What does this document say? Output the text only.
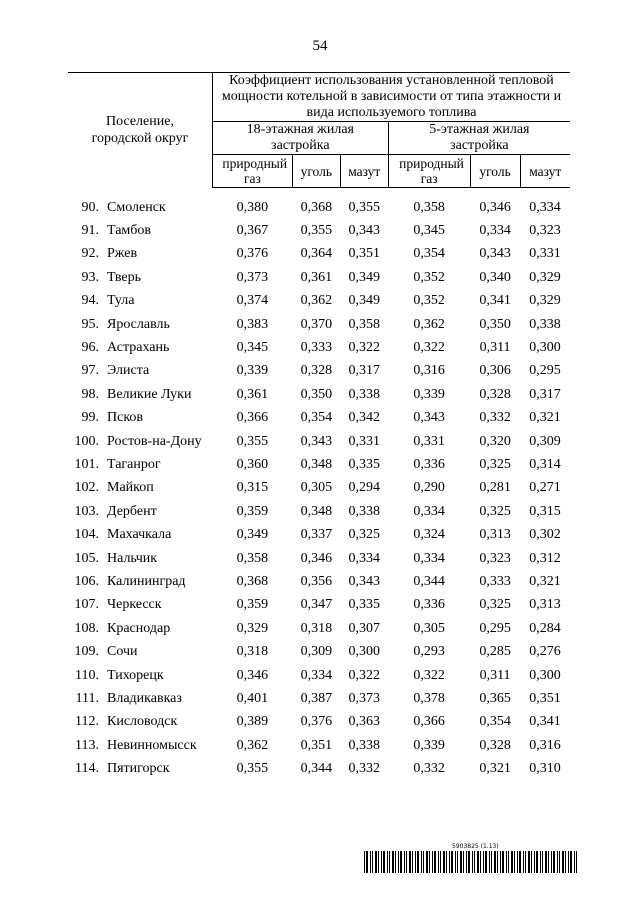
54
Поселение, городской округ	Коэффициент использования установленной тепловой мощности котельной в зависимости от типа этажности и вида используемого топлива					

	18-этажная жилая застройка			5-этажная жилая застройка		

	природный газ	уголь	мазут	природный газ	уголь	мазут

90. Смоленск	0,380	0,368	0,355	0,358	0,346	0,334

91. Тамбов	0,367	0,355	0,343	0,345	0,334	0,323

92. Ржев	0,376	0,364	0,351	0,354	0,343	0,331

93. Тверь	0,373	0,361	0,349	0,352	0,340	0,329

94. Тула	0,374	0,362	0,349	0,352	0,341	0,329

95. Ярославль	0,383	0,370	0,358	0,362	0,350	0,338

96. Астрахань	0,345	0,333	0,322	0,322	0,311	0,300

97. Элиста	0,339	0,328	0,317	0,316	0,306	0,295

98. Великие Луки	0,361	0,350	0,338	0,339	0,328	0,317

99. Псков	0,366	0,354	0,342	0,343	0,332	0,321

100. Ростов-на-Дону	0,355	0,343	0,331	0,331	0,320	0,309

101. Таганрог	0,360	0,348	0,335	0,336	0,325	0,314

102. Майкоп	0,315	0,305	0,294	0,290	0,281	0,271

103. Дербент	0,359	0,348	0,338	0,334	0,325	0,315

104. Махачкала	0,349	0,337	0,325	0,324	0,313	0,302

105. Нальчик	0,358	0,346	0,334	0,334	0,323	0,312

106. Калининград	0,368	0,356	0,343	0,344	0,333	0,321

107. Черкесск	0,359	0,347	0,335	0,336	0,325	0,313

108. Краснодар	0,329	0,318	0,307	0,305	0,295	0,284

109. Сочи	0,318	0,309	0,300	0,293	0,285	0,276

110. Тихорецк	0,346	0,334	0,322	0,322	0,311	0,300

111. Владикавказ	0,401	0,387	0,373	0,378	0,365	0,351

112. Кисловодск	0,389	0,376	0,363	0,366	0,354	0,341

113. Невинномысск	0,362	0,351	0,338	0,339	0,328	0,316

114. Пятигорск	0,355	0,344	0,332	0,332	0,321	0,310
5903825 (1.13)
